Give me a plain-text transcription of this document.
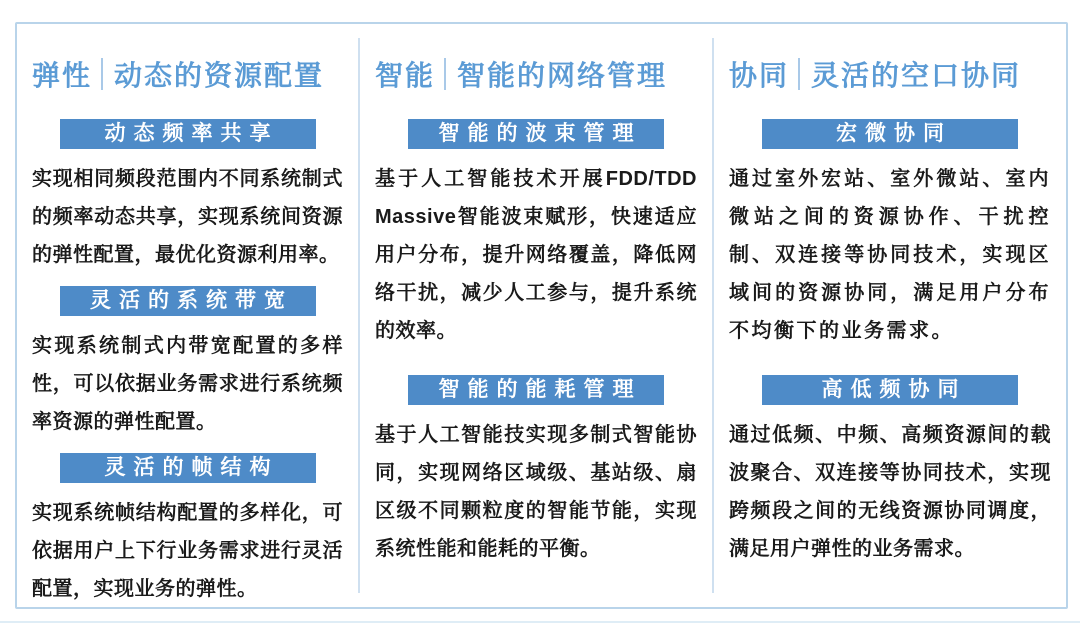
弹性 动态的资源配置
动态频率共享
实现相同频段范围内不同系统制式的频率动态共享，实现系统间资源的弹性配置，最优化资源利用率。
灵活的系统带宽
实现系统制式内带宽配置的多样性，可以依据业务需求进行系统频率资源的弹性配置。
灵活的帧结构
实现系统帧结构配置的多样化，可依据用户上下行业务需求进行灵活配置，实现业务的弹性。
智能 智能的网络管理
智能的波束管理
基于人工智能技术开展FDD/TDD Massive智能波束赋形，快速适应用户分布，提升网络覆盖，降低网络干扰，减少人工参与，提升系统的效率。
智能的能耗管理
基于人工智能技实现多制式智能协同，实现网络区域级、基站级、扇区级不同颗粒度的智能节能，实现系统性能和能耗的平衡。
协同 灵活的空口协同
宏微协同
通过室外宏站、室外微站、室内微站之间的资源协作、干扰控制、双连接等协同技术，实现区域间的资源协同，满足用户分布不均衡下的业务需求。
高低频协同
通过低频、中频、高频资源间的载波聚合、双连接等协同技术，实现跨频段之间的无线资源协同调度，满足用户弹性的业务需求。
